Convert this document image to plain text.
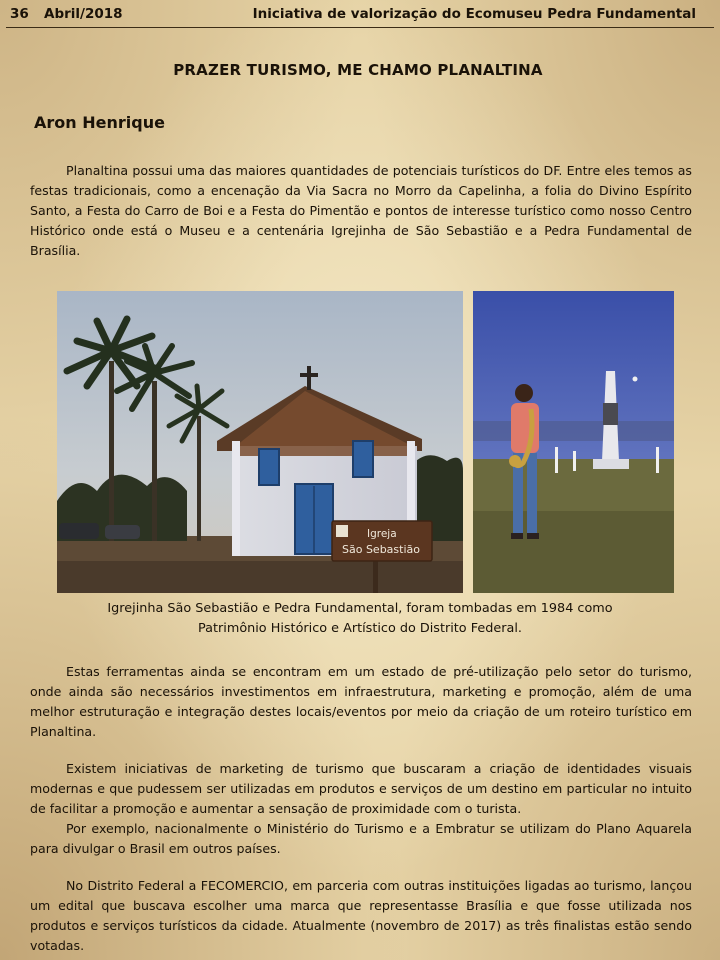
36 Abril/2018	Iniciativa de valorização do Ecomuseu Pedra Fundamental
PRAZER TURISMO, ME CHAMO PLANALTINA
Aron Henrique

Planaltina possui uma das maiores quantidades de potenciais turísticos do DF. Entre eles temos as festas tradicionais, como a encenação da Via Sacra no Morro da Capelinha, a folia do Divino Espírito Santo, a Festa do Carro de Boi e a Festa do Pimentão e pontos de interesse turístico como nosso Centro Histórico onde está o Museu e a centenária Igrejinha de São Sebastião e a Pedra Fundamental de Brasília.

Igreja
São Sebastião
Igrejinha São Sebastião e Pedra Fundamental, foram tombadas em 1984 como
Patrimônio Histórico e Artístico do Distrito Federal.

Estas ferramentas ainda se encontram em um estado de pré-utilização pelo setor do turismo, onde ainda são necessários investimentos em infraestrutura, marketing e promoção, além de uma melhor estruturação e integração destes locais/eventos por meio da criação de um roteiro turístico em Planaltina.

Existem iniciativas de marketing de turismo que buscaram a criação de identidades visuais modernas e que pudessem ser utilizadas em produtos e serviços de um destino em particular no intuito de facilitar a promoção e aumentar a sensação de proximidade com o turista.

Por exemplo, nacionalmente o Ministério do Turismo e a Embratur se utilizam do Plano Aquarela para divulgar o Brasil em outros países.

No Distrito Federal a FECOMERCIO, em parceria com outras instituições ligadas ao turismo, lançou um edital que buscava escolher uma marca que representasse Brasília e que fosse utilizada nos produtos e serviços turísticos da cidade. Atualmente (novembro de 2017) as três finalistas estão sendo votadas.
